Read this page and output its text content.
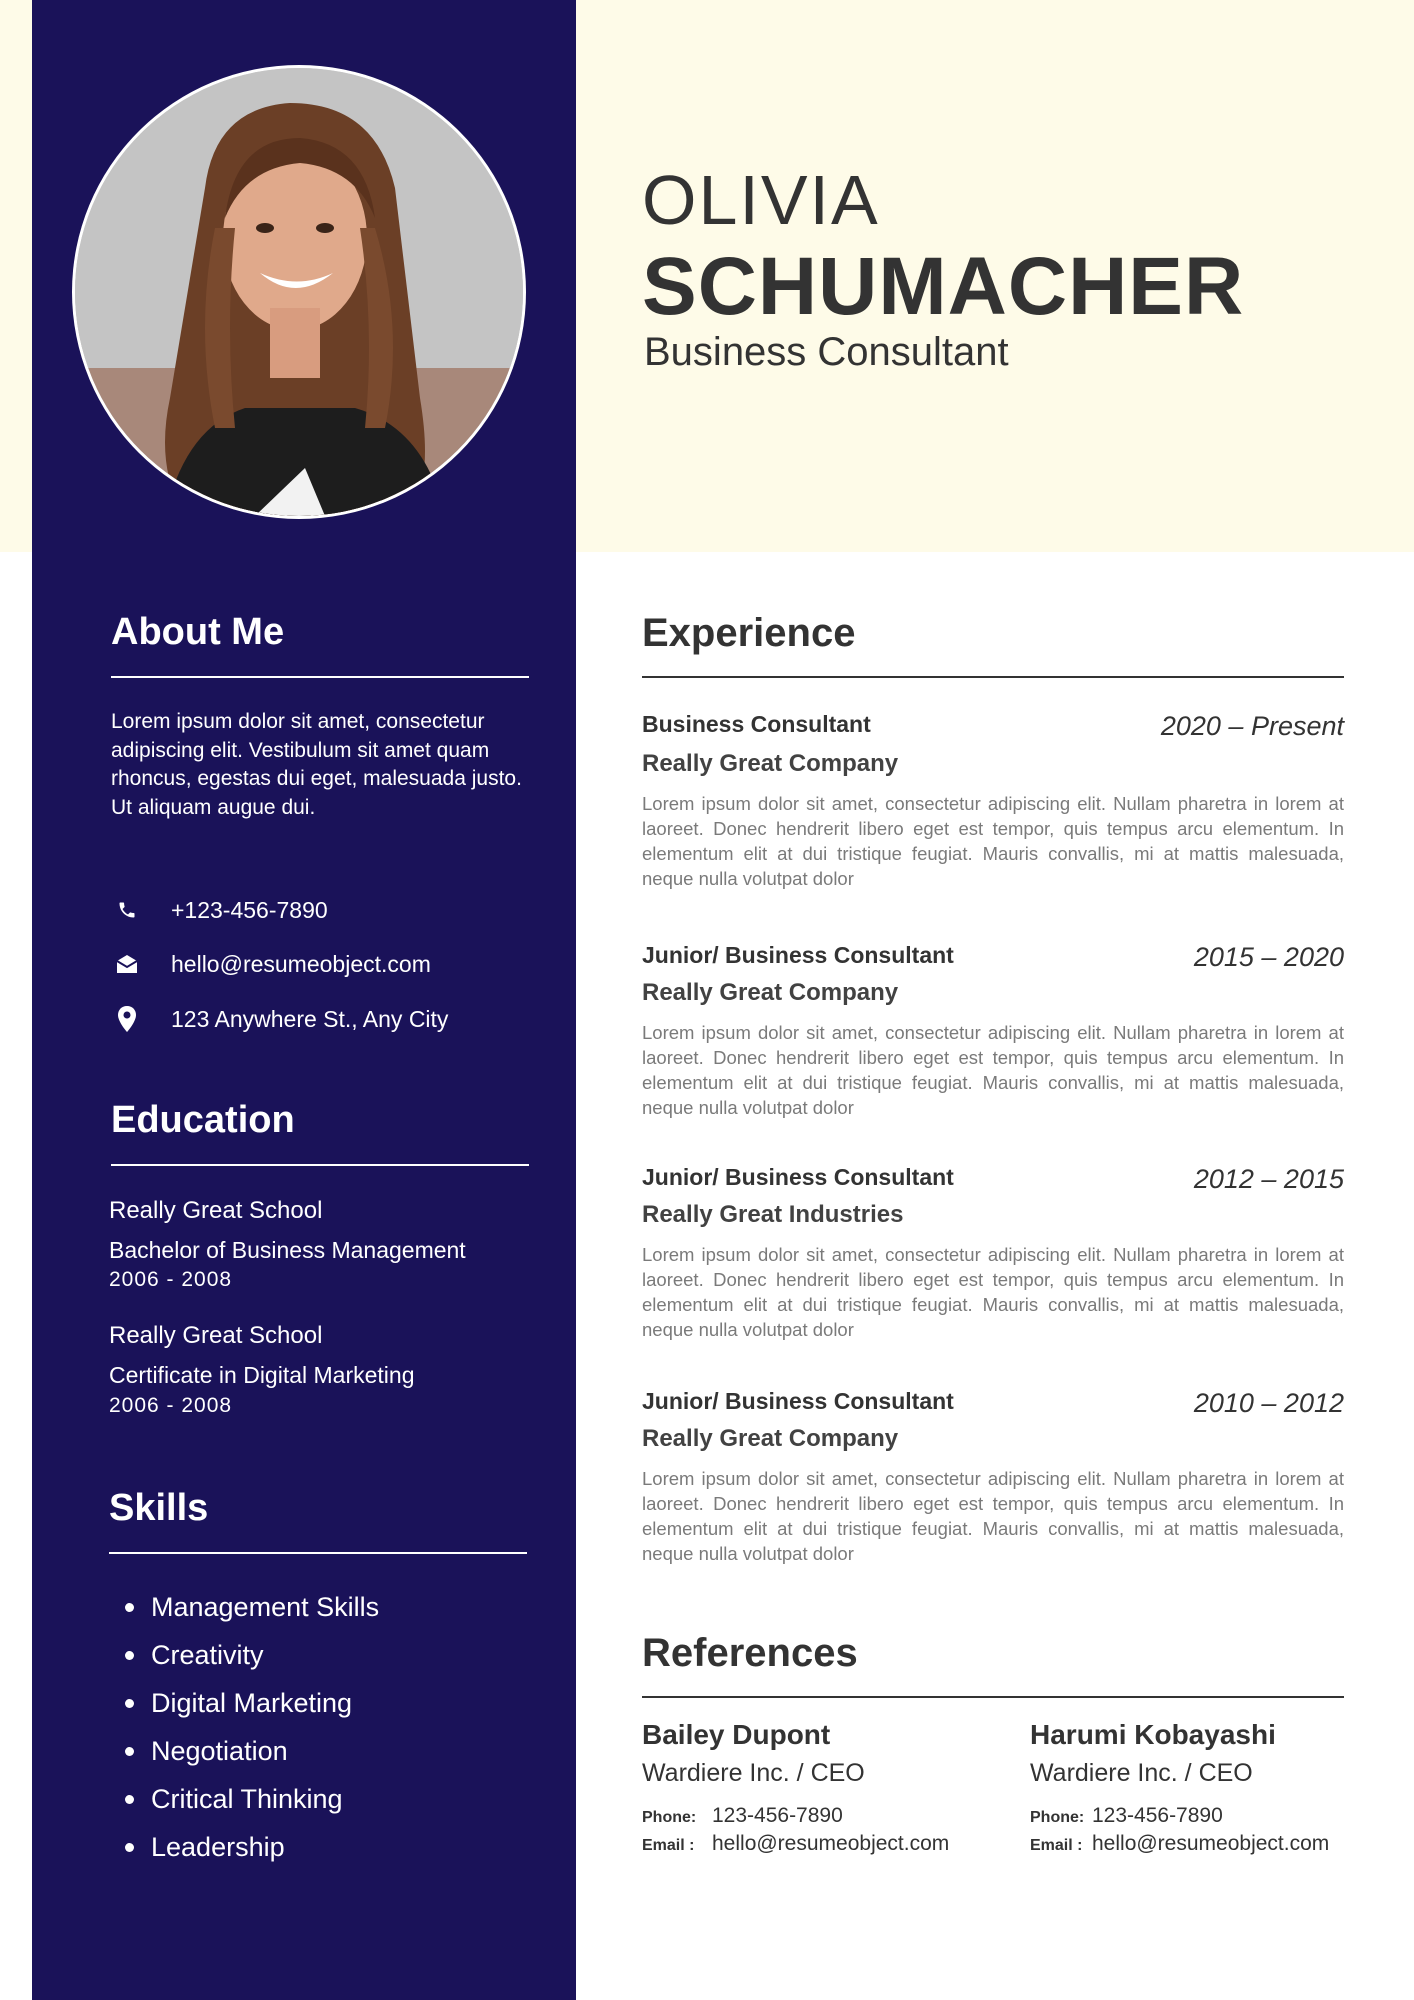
OLIVIA
SCHUMACHER
Business Consultant
About Me
Lorem ipsum dolor sit amet, consectetur adipiscing elit. Vestibulum sit amet quam rhoncus, egestas dui eget, malesuada justo. Ut aliquam augue dui.
+123-456-7890
hello@resumeobject.com
123 Anywhere St., Any City
Education
Really Great School
Bachelor of Business Management
2006 - 2008
Really Great School
Certificate in Digital Marketing
2006 - 2008
Skills
Management Skills
Creativity
Digital Marketing
Negotiation
Critical Thinking
Leadership
Experience
Business Consultant	2020 – Present
Really Great Company
Lorem ipsum dolor sit amet, consectetur adipiscing elit. Nullam pharetra in lorem at laoreet. Donec hendrerit libero eget est tempor, quis tempus arcu elementum. In elementum elit at dui tristique feugiat. Mauris convallis, mi at mattis malesuada, neque nulla volutpat dolor
Junior/ Business Consultant	2015 – 2020
Really Great Company
Lorem ipsum dolor sit amet, consectetur adipiscing elit. Nullam pharetra in lorem at laoreet. Donec hendrerit libero eget est tempor, quis tempus arcu elementum. In elementum elit at dui tristique feugiat. Mauris convallis, mi at mattis malesuada, neque nulla volutpat dolor
Junior/ Business Consultant	2012 – 2015
Really Great Industries
Lorem ipsum dolor sit amet, consectetur adipiscing elit. Nullam pharetra in lorem at laoreet. Donec hendrerit libero eget est tempor, quis tempus arcu elementum. In elementum elit at dui tristique feugiat. Mauris convallis, mi at mattis malesuada, neque nulla volutpat dolor
Junior/ Business Consultant	2010 – 2012
Really Great Company
Lorem ipsum dolor sit amet, consectetur adipiscing elit. Nullam pharetra in lorem at laoreet. Donec hendrerit libero eget est tempor, quis tempus arcu elementum. In elementum elit at dui tristique feugiat. Mauris convallis, mi at mattis malesuada, neque nulla volutpat dolor
References
Bailey Dupont
Wardiere Inc. / CEO
Phone: 123-456-7890
Email : hello@resumeobject.com
Harumi Kobayashi
Wardiere Inc. / CEO
Phone: 123-456-7890
Email : hello@resumeobject.com
